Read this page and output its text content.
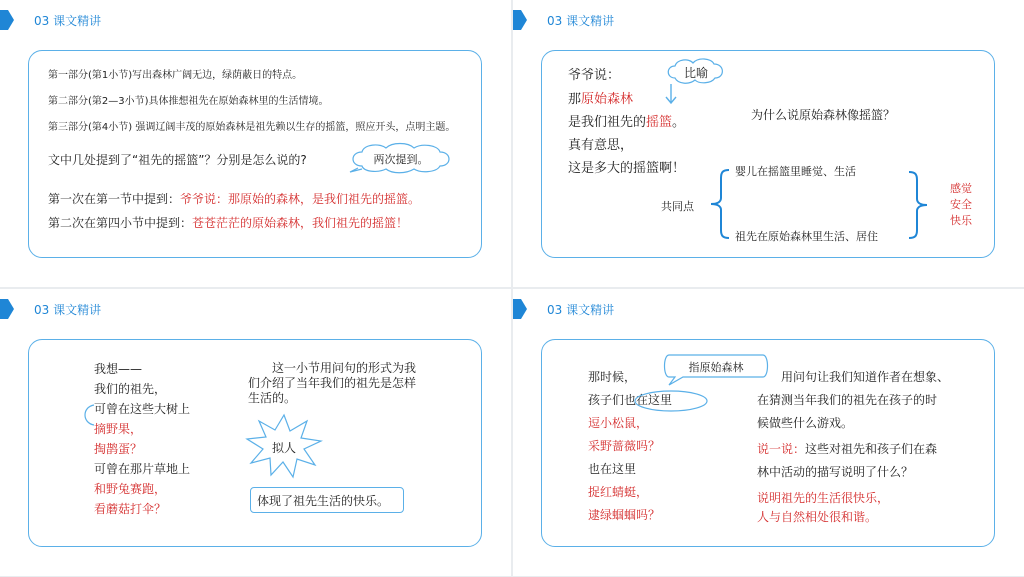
03 课文精讲
第一部分(第1小节)写出森林广阔无边，绿荫蔽日的特点。
第二部分(第2—3小节)具体推想祖先在原始森林里的生活情境。
第三部分(第4小节) 强调辽阔丰茂的原始森林是祖先赖以生存的摇篮，照应开头，点明主题。
文中几处提到了“祖先的摇篮”？分别是怎么说的?	两次提到。
第一次在第一节中提到：爷爷说：那原始的森林，是我们祖先的摇篮。
第二次在第四小节中提到：苍苍茫茫的原始森林，我们祖先的摇篮！
03 课文精讲
爷爷说：
那原始森林
是我们祖先的摇篮。
真有意思，
这是多大的摇篮啊！
比喻
为什么说原始森林像摇篮？
共同点
婴儿在摇篮里睡觉、生活
祖先在原始森林里生活、居住
感觉
安全
快乐
03 课文精讲
我想——
我们的祖先，
可曾在这些大树上
摘野果，
掏鹊蛋？
可曾在那片草地上
和野兔赛跑，
看蘑菇打伞？
这一小节用问句的形式为我
们介绍了当年我们的祖先是怎样
生活的。
拟人
体现了祖先生活的快乐。
03 课文精讲
那时候，
孩子们也在这里
逗小松鼠，
采野蔷薇吗？
也在这里
捉红蜻蜓，
逮绿蝈蝈吗？
指原始森林
用问句让我们知道作者在想象、
在猜测当年我们的祖先在孩子的时
候做些什么游戏。
说一说：这些对祖先和孩子们在森
林中活动的描写说明了什么？
说明祖先的生活很快乐，
人与自然相处很和谐。
